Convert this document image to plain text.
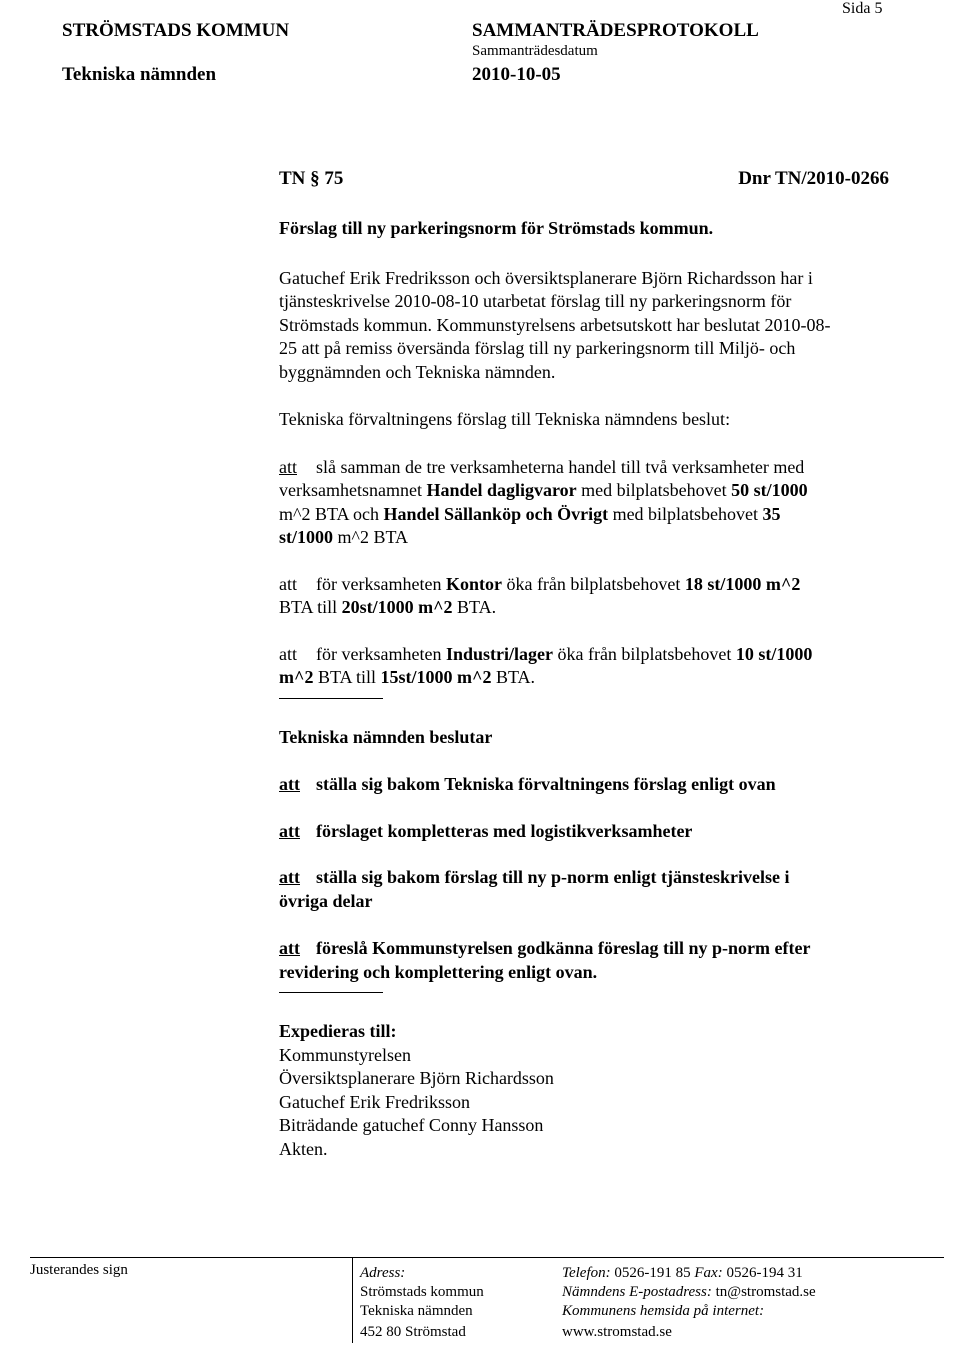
STRÖMSTADS KOMMUN	SAMMANTRÄDESPROTOKOLL
Sida 5
Sammanträdesdatum
Tekniska nämnden	2010-10-05
TN § 75	Dnr TN/2010-0266
Förslag till ny parkeringsnorm för Strömstads kommun.
Gatuchef Erik Fredriksson och översiktsplanerare Björn Richardsson har i
tjänsteskrivelse 2010-08-10 utarbetat förslag till ny parkeringsnorm för
Strömstads kommun. Kommunstyrelsens arbetsutskott har beslutat 2010-08-
25 att på remiss översända förslag till ny parkeringsnorm till Miljö- och
byggnämnden och Tekniska nämnden.
Tekniska förvaltningens förslag till Tekniska nämndens beslut:
att slå samman de tre verksamheterna handel till två verksamheter med
verksamhetsnamnet Handel dagligvaror med bilplatsbehovet 50 st/1000
m^2 BTA och Handel Sällanköp och Övrigt med bilplatsbehovet 35
st/1000 m^2 BTA
att för verksamheten Kontor öka från bilplatsbehovet 18 st/1000 m^2
BTA till 20st/1000 m^2 BTA.
att för verksamheten Industri/lager öka från bilplatsbehovet 10 st/1000
m^2 BTA till 15st/1000 m^2 BTA.
Tekniska nämnden beslutar
att ställa sig bakom Tekniska förvaltningens förslag enligt ovan
att förslaget kompletteras med logistikverksamheter
att ställa sig bakom förslag till ny p-norm enligt tjänsteskrivelse i
övriga delar
att föreslå Kommunstyrelsen godkänna föreslag till ny p-norm efter
revidering och komplettering enligt ovan.
Expedieras till:
Kommunstyrelsen
Översiktsplanerare Björn Richardsson
Gatuchef Erik Fredriksson
Biträdande gatuchef Conny Hansson
Akten.
Justerandes sign	Adress:
Strömstads kommun
Tekniska nämnden
452 80 Strömstad
Telefon: 0526-191 85 Fax: 0526-194 31
Nämndens E-postadress: tn@stromstad.se
Kommunens hemsida på internet:
www.stromstad.se
